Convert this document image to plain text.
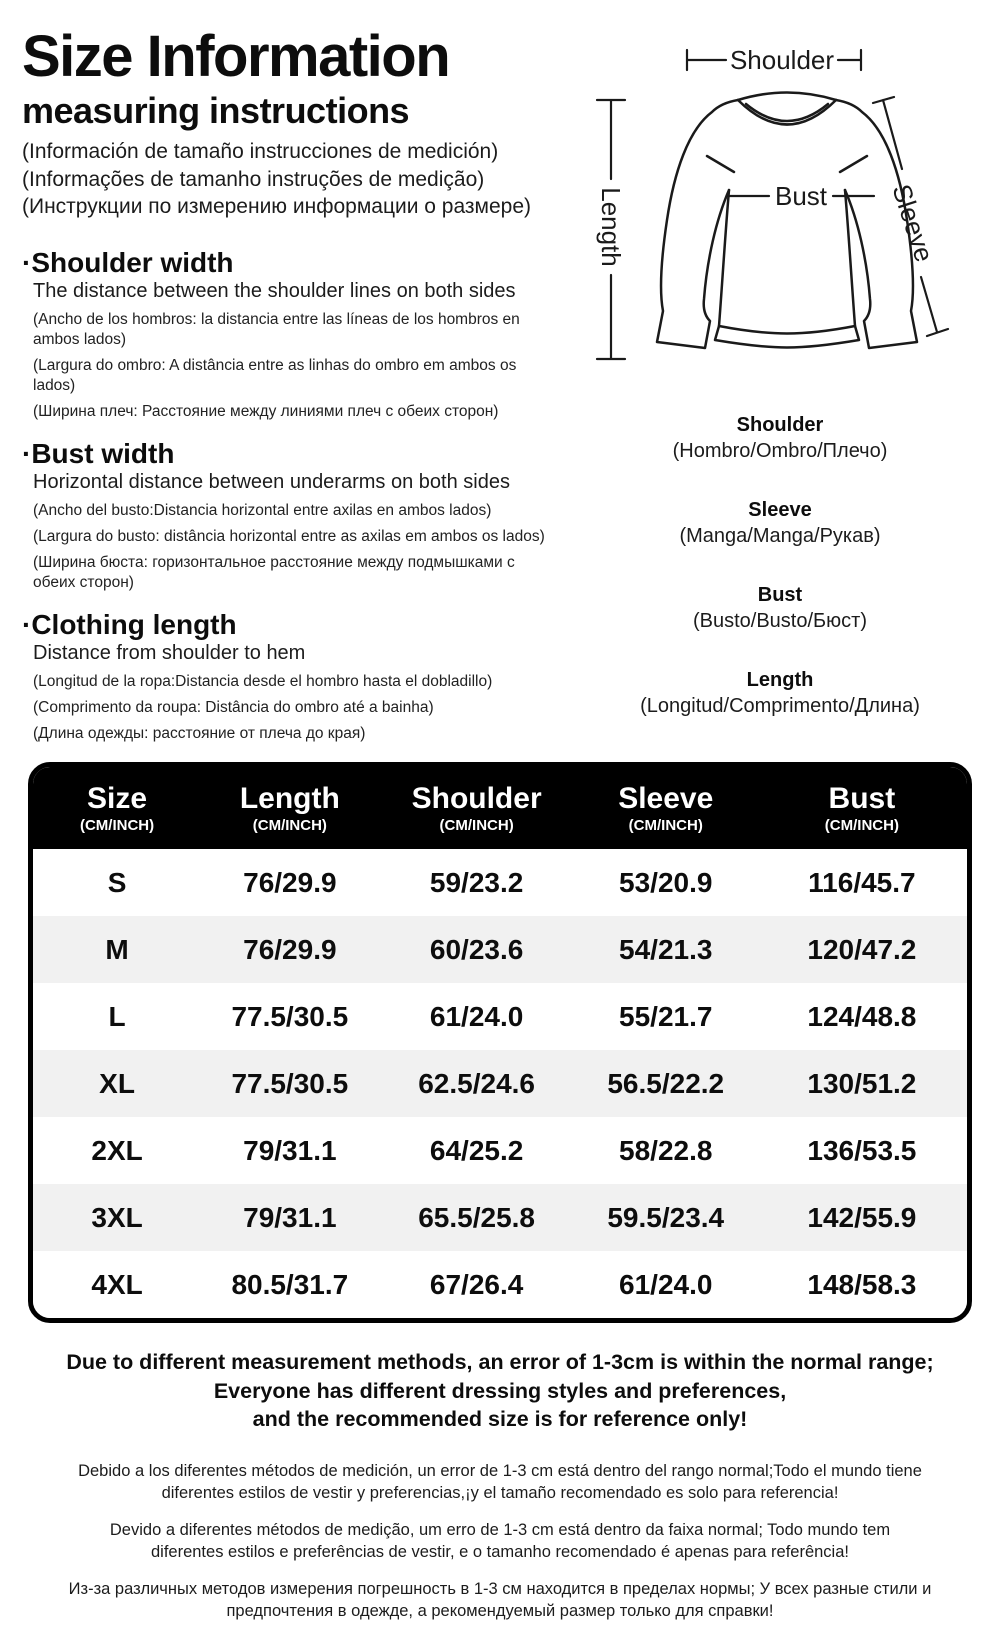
Size Information
measuring instructions

(Información de tamaño instrucciones de medición)

(Informações de tamanho instruções de medição)

(Инструкции по измерению информации о размере)

·Shoulder width

The distance between the shoulder lines on both sides

(Ancho de los hombros: la distancia entre las líneas de los hombros en ambos lados)

(Largura do ombro: A distância entre as linhas do ombro em ambos os lados)

(Ширина плеч: Расстояние между линиями плеч с обеих сторон)

·Bust width

Horizontal distance between underarms on both sides

(Ancho del busto:Distancia horizontal entre axilas en ambos lados)

(Largura do busto: distância horizontal entre as axilas em ambos os lados)

(Ширина бюста: горизонтальное расстояние между подмышками с обеих сторон)

·Clothing length

Distance from shoulder to hem

(Longitud de la ropa:Distancia desde el hombro hasta el dobladillo)

(Comprimento da roupa: Distância do ombro até a bainha)

(Длина одежды: расстояние от плеча до края)

Shoulder
Length	Bust Sleeve
Shoulder
(Hombro/Ombro/Плечо)
Sleeve
(Manga/Manga/Рукав)
Bust
(Busto/Busto/Бюст)
Length
(Longitud/Comprimento/Длина)
Size
(CM/INCH)
Length
(CM/INCH)
Shoulder
(CM/INCH)
Sleeve
(CM/INCH)
Bust
(CM/INCH)
S	76/29.9	59/23.2	53/20.9	116/45.7
M	76/29.9	60/23.6	54/21.3	120/47.2
L	77.5/30.5	61/24.0	55/21.7	124/48.8
XL	77.5/30.5	62.5/24.6	56.5/22.2	130/51.2
2XL	79/31.1	64/25.2	58/22.8	136/53.5
3XL	79/31.1	65.5/25.8	59.5/23.4	142/55.9
4XL	80.5/31.7	67/26.4	61/24.0	148/58.3

Due to different measurement methods, an error of 1-3cm is within the normal range;

Everyone has different dressing styles and preferences,

and the recommended size is for reference only!

Debido a los diferentes métodos de medición, un error de 1-3 cm está dentro del rango normal;Todo el mundo tiene diferentes estilos de vestir y preferencias,¡y el tamaño recomendado es solo para referencia!

Devido a diferentes métodos de medição, um erro de 1-3 cm está dentro da faixa normal; Todo mundo tem diferentes estilos e preferências de vestir, e o tamanho recomendado é apenas para referência!

Из-за различных методов измерения погрешность в 1-3 см находится в пределах нормы; У всех разные стили и предпочтения в одежде, а рекомендуемый размер только для справки!
